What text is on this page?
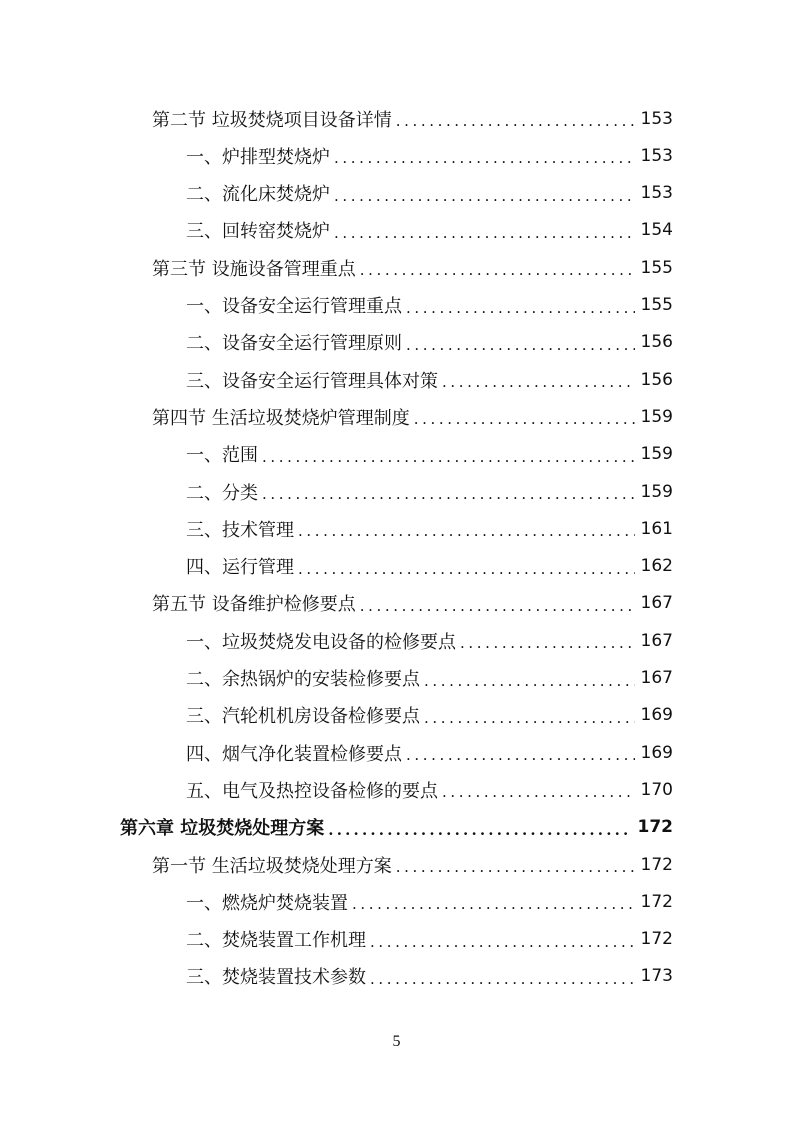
第二节 垃圾焚烧项目设备详情 .....	153
一、炉排型焚烧炉 .....	153
二、流化床焚烧炉 .....	153
三、回转窑焚烧炉 .....	154
第三节 设施设备管理重点 .....	155
一、设备安全运行管理重点 .....	155
二、设备安全运行管理原则 .....	156
三、设备安全运行管理具体对策 .....	156
第四节 生活垃圾焚烧炉管理制度 .....	159
一、范围 .....	159
二、分类 .....	159
三、技术管理 .....	161
四、运行管理 .....	162
第五节 设备维护检修要点 .....	167
一、垃圾焚烧发电设备的检修要点 .....	167
二、余热锅炉的安装检修要点 .....	167
三、汽轮机机房设备检修要点 .....	169
四、烟气净化装置检修要点 .....	169
五、电气及热控设备检修的要点 .....	170
第六章 垃圾焚烧处理方案 .....	172
第一节 生活垃圾焚烧处理方案 .....	172
一、燃烧炉焚烧装置 .....	172
二、焚烧装置工作机理 .....	172
三、焚烧装置技术参数 .....	173
5
